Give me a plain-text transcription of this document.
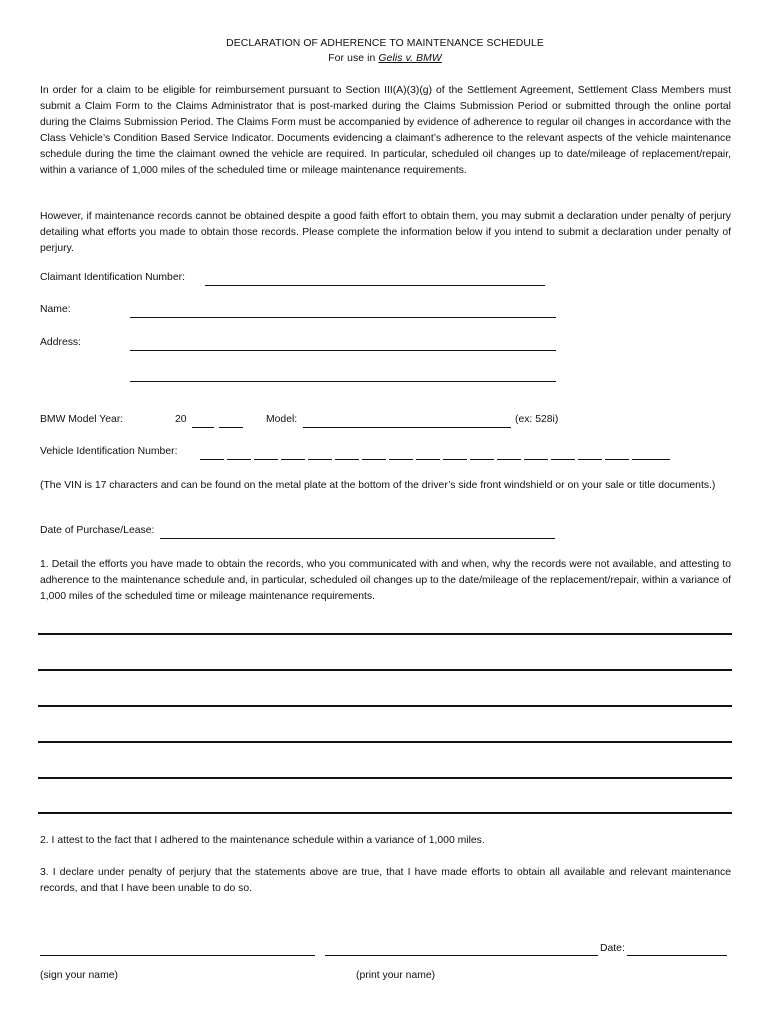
DECLARATION OF ADHERENCE TO MAINTENANCE SCHEDULE
For use in Gelis v. BMW
In order for a claim to be eligible for reimbursement pursuant to Section III(A)(3)(g) of the Settlement Agreement, Settlement Class Members must submit a Claim Form to the Claims Administrator that is post-marked during the Claims Submission Period or submitted through the online portal during the Claims Submission Period. The Claims Form must be accompanied by evidence of adherence to regular oil changes in accordance with the Class Vehicle’s Condition Based Service Indicator. Documents evidencing a claimant’s adherence to the relevant aspects of the vehicle maintenance schedule during the time the claimant owned the vehicle are required. In particular, scheduled oil changes up to date/mileage of replacement/repair, within a variance of 1,000 miles of the scheduled time or mileage maintenance requirements.
However, if maintenance records cannot be obtained despite a good faith effort to obtain them, you may submit a declaration under penalty of perjury detailing what efforts you made to obtain those records. Please complete the information below if you intend to submit a declaration under penalty of perjury.
Claimant Identification Number:
Name:
Address:
BMW Model Year:	20	Model:	(ex: 528i)
Vehicle Identification Number:
(The VIN is 17 characters and can be found on the metal plate at the bottom of the driver’s side front windshield or on your sale or title documents.)
Date of Purchase/Lease:
1. Detail the efforts you have made to obtain the records, who you communicated with and when, why the records were not available, and attesting to adherence to the maintenance schedule and, in particular, scheduled oil changes up to the date/mileage of the replacement/repair, within a variance of 1,000 miles of the scheduled time or mileage maintenance requirements.
2. I attest to the fact that I adhered to the maintenance schedule within a variance of 1,000 miles.
3. I declare under penalty of perjury that the statements above are true, that I have made efforts to obtain all available and relevant maintenance records, and that I have been unable to do so.
Date:
(sign your name)	(print your name)
